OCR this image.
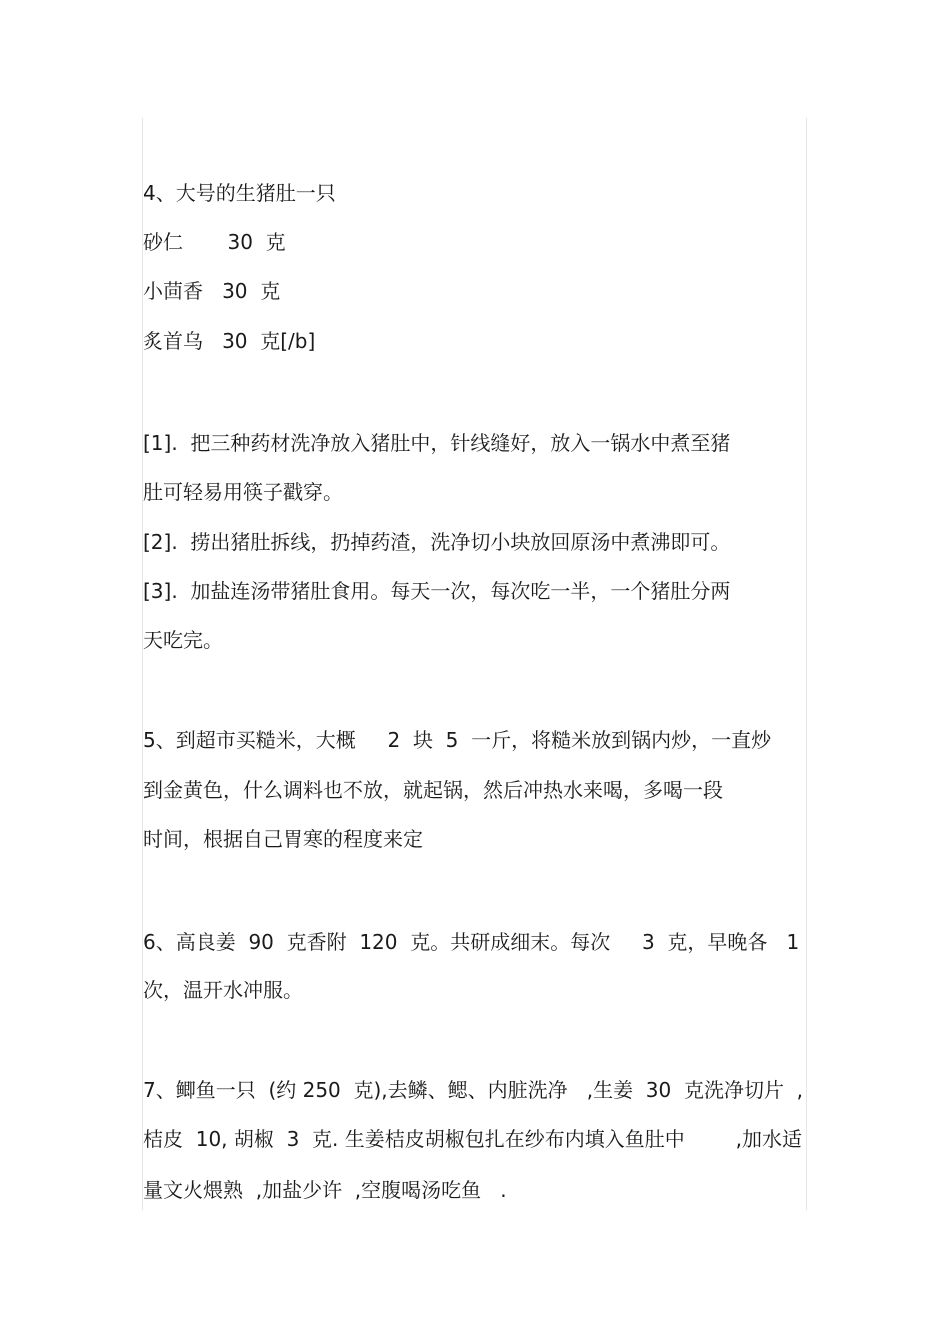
4、大号的生猪肚一只

砂仁       30  克

小茴香   30  克

炙首乌   30  克[/b]

[1].  把三种药材洗净放入猪肚中，针线缝好，放入一锅水中煮至猪

肚可轻易用筷子戳穿。

[2].  捞出猪肚拆线，扔掉药渣，洗净切小块放回原汤中煮沸即可。

[3].  加盐连汤带猪肚食用。每天一次，每次吃一半，一个猪肚分两

天吃完。

5、到超市买糙米，大概     2  块  5  一斤，将糙米放到锅内炒，一直炒

到金黄色，什么调料也不放，就起锅，然后冲热水来喝，多喝一段

时间，根据自己胃寒的程度来定

6、高良姜  90  克香附  120  克。共研成细末。每次     3  克，早晚各   1

次，温开水冲服。

7、鲫鱼一只  (约 250  克),去鳞、鳃、内脏洗净   ,生姜  30  克洗净切片  ,

桔皮  10, 胡椒  3  克. 生姜桔皮胡椒包扎在纱布内填入鱼肚中        ,加水适

量文火煨熟  ,加盐少许  ,空腹喝汤吃鱼   .
